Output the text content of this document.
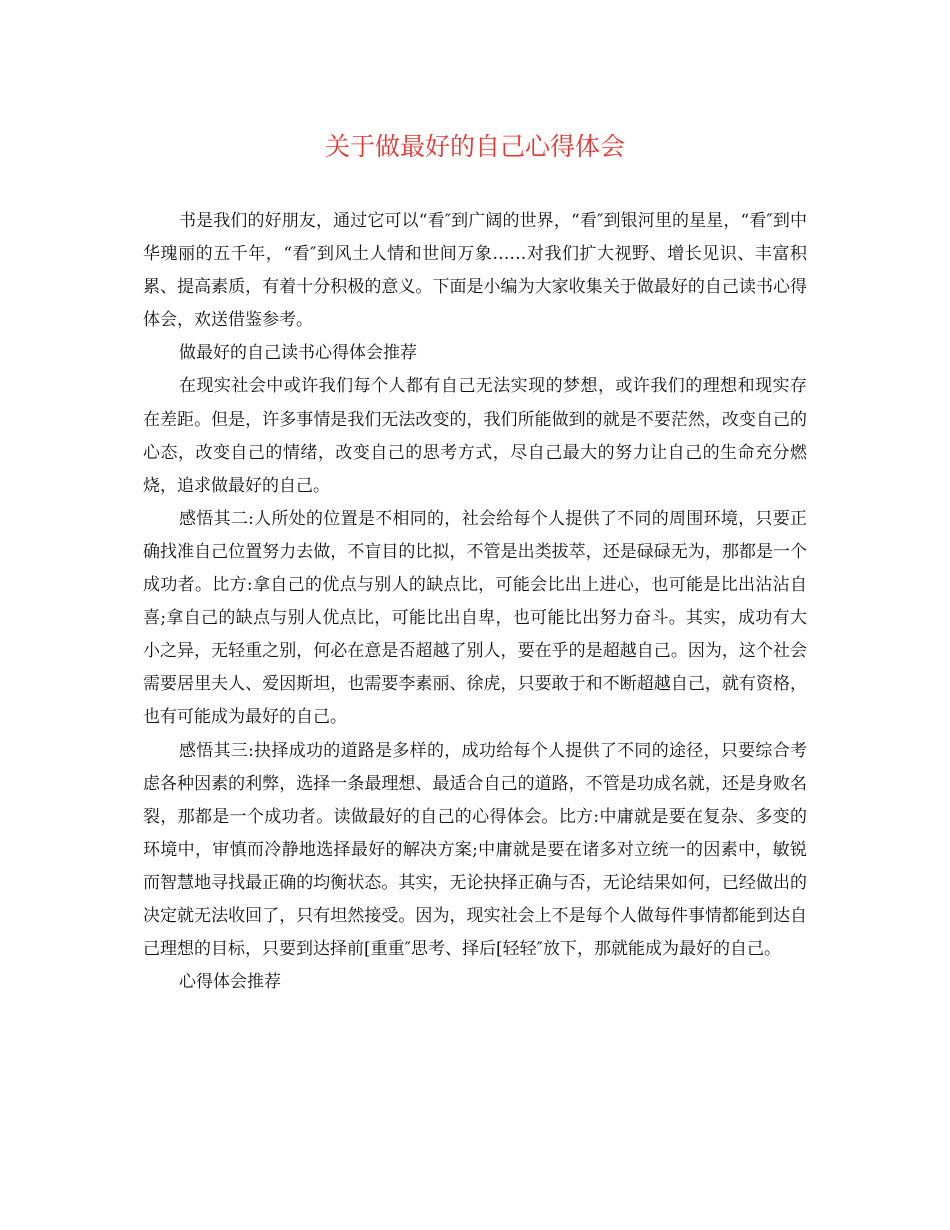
关于做最好的自己心得体会

书是我们的好朋友，通过它可以“看″到广阔的世界，“看″到银河里的星星，“看″到中华瑰丽的五千年，“看″到风土人情和世间万象……对我们扩大视野、增长见识、丰富积累、提高素质，有着十分积极的意义。下面是小编为大家收集关于做最好的自己读书心得体会，欢送借鉴参考。

做最好的自己读书心得体会推荐

在现实社会中或许我们每个人都有自己无法实现的梦想，或许我们的理想和现实存在差距。但是，许多事情是我们无法改变的，我们所能做到的就是不要茫然，改变自己的心态，改变自己的情绪，改变自己的思考方式，尽自己最大的努力让自己的生命充分燃烧，追求做最好的自己。

感悟其二:人所处的位置是不相同的，社会给每个人提供了不同的周围环境，只要正确找准自己位置努力去做，不盲目的比拟，不管是出类拔萃，还是碌碌无为，那都是一个成功者。比方:拿自己的优点与别人的缺点比，可能会比出上进心，也可能是比出沾沾自喜;拿自己的缺点与别人优点比，可能比出自卑，也可能比出努力奋斗。其实，成功有大小之异，无轻重之别，何必在意是否超越了别人，要在乎的是超越自己。因为，这个社会需要居里夫人、爱因斯坦，也需要李素丽、徐虎，只要敢于和不断超越自己，就有资格，也有可能成为最好的自己。

感悟其三:抉择成功的道路是多样的，成功给每个人提供了不同的途径，只要综合考虑各种因素的利弊，选择一条最理想、最适合自己的道路，不管是功成名就，还是身败名裂，那都是一个成功者。读做最好的自己的心得体会。比方:中庸就是要在复杂、多变的环境中，审慎而冷静地选择最好的解决方案;中庸就是要在诸多对立统一的因素中，敏锐而智慧地寻找最正确的均衡状态。其实，无论抉择正确与否，无论结果如何，已经做出的决定就无法收回了，只有坦然接受。因为，现实社会上不是每个人做每件事情都能到达自己理想的目标，只要到达择前[重重″思考、择后[轻轻″放下，那就能成为最好的自己。

心得体会推荐
